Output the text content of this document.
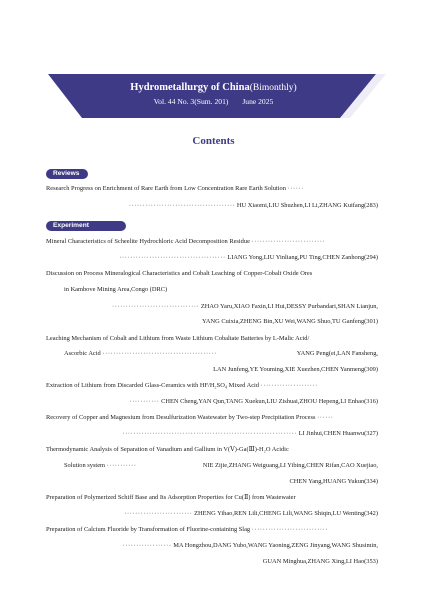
Hydrometallurgy of China(Bimonthly)
Vol. 44 No. 3(Sum. 201) June 2025
Contents
Reviews
Research Progress on Enrichment of Rare Earth from Low Concentration Rare Earth Solution ······
······································· HU Xiaomi,LIU Shuzhen,LI Li,ZHANG Kuifang(283)
Experiment Research
Mineral Characteristics of Scheelite Hydrochloric Acid Decomposition Residue ···························
······································· LIANG Yong,LIU Yinliang,PU Ting,CHEN Zanhong(294)
Discussion on Process Mineralogical Characteristics and Cobalt Leaching of Copper-Cobalt Oxide Ores
in Kambove Mining Area,Congo (DRC)
································ ZHAO Yaru,XIAO Faxin,LI Hui,DESSY Purbandari,SHAN Lianjun,
YANG Cuixia,ZHENG Bin,XU Wei,WANG Shuo,TU Ganfeng(301)
Leaching Mechanism of Cobalt and Lithium from Waste Lithium Cobaltate Batteries by L-Malic Acid/
Ascorbic Acid ··········································	YANG Peng(ei,LAN Fansheng,
LAN Junfeng,YE Youming,XIE Xuezhen,CHEN Yanmeng(309)
Extraction of Lithium from Discarded Glass-Ceramics with HF/H₂SO₄ Mixed Acid ·····················
··········· CHEN Cheng,YAN Qun,TANG Xuekun,LIU Zishuai,ZHOU Hepeng,LI Enhao(316)
Recovery of Copper and Magnesium from Desulfurization Wastewater by Two-step Precipitation Process ······
································································ LI Jinhui,CHEN Huanwu(327)
Thermodynamic Analysis of Separation of Vanadium and Gallium in V(Ⅴ)-Ga(Ⅲ)-H₂O Acidic
Solution system ···········	NIE Zijie,ZHANG Weiguang,LI Yibing,CHEN Rifan,CAO Xuejiao,
CHEN Yang,HUANG Yukun(334)
Preparation of Polymerized Schiff Base and Its Adsorption Properties for Cu(Ⅱ) from Wastewater
························· ZHENG Yihao,REN Lili,CHENG Lili,WANG Shiqin,LU Wenting(342)
Preparation of Calcium Fluoride by Transformation of Fluorine-containing Slag ····························
·················· MA Hongzhou,DANG Yubo,WANG Yaoning,ZENG Jinyang,WANG Shusimin,
GUAN Minghua,ZHANG Xing,LI Hao(353)
